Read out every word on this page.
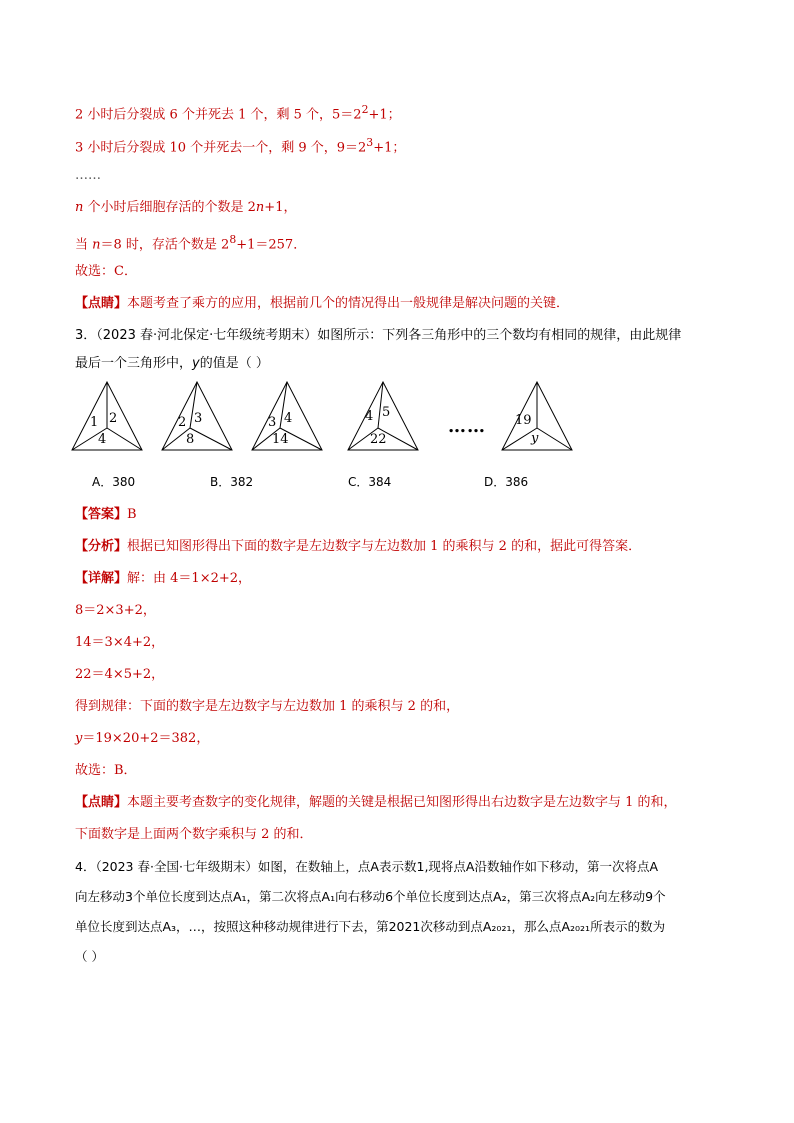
2 小时后分裂成 6 个并死去 1 个，剩 5 个，$5=2^2+1$；
3 小时后分裂成 10 个并死去一个，剩 9 个，$9=2^3+1$；
……
n 个小时后细胞存活的个数是 2n+1，
当 n＝8 时，存活个数是 $2^8+1=257$．
故选：C．
【点睛】本题考查了乘方的应用，根据前几个的情况得出一般规律是解决问题的关键．
3．（2023 春·河北保定·七年级统考期末）如图所示：下列各三角形中的三个数均有相同的规律，由此规律
最后一个三角形中，y的值是（ ）
1 2
4
2 3
8
3 4
14
4 5
22
…… 19
y
A．380	B．382	C．384	D．386
【答案】B
【分析】根据已知图形得出下面的数字是左边数字与左边数加 1 的乘积与 2 的和，据此可得答案．
【详解】解：由 4＝1×2+2，
8＝2×3+2，
14＝3×4+2，
22＝4×5+2，
得到规律：下面的数字是左边数字与左边数加 1 的乘积与 2 的和，
y＝19×20+2＝382，
故选：B．
【点睛】本题主要考查数字的变化规律，解题的关键是根据已知图形得出右边数字是左边数字与 1 的和，
下面数字是上面两个数字乘积与 2 的和．
4．（2023 春·全国·七年级期末）如图，在数轴上，点A表示数1,现将点A沿数轴作如下移动，第一次将点A
向左移动3个单位长度到达点A₁，第二次将点A₁向右移动6个单位长度到达点A₂，第三次将点A₂向左移动9个
单位长度到达点A₃，…，按照这种移动规律进行下去，第2021次移动到点A₂₀₂₁，那么点A₂₀₂₁所表示的数为
（ ）
